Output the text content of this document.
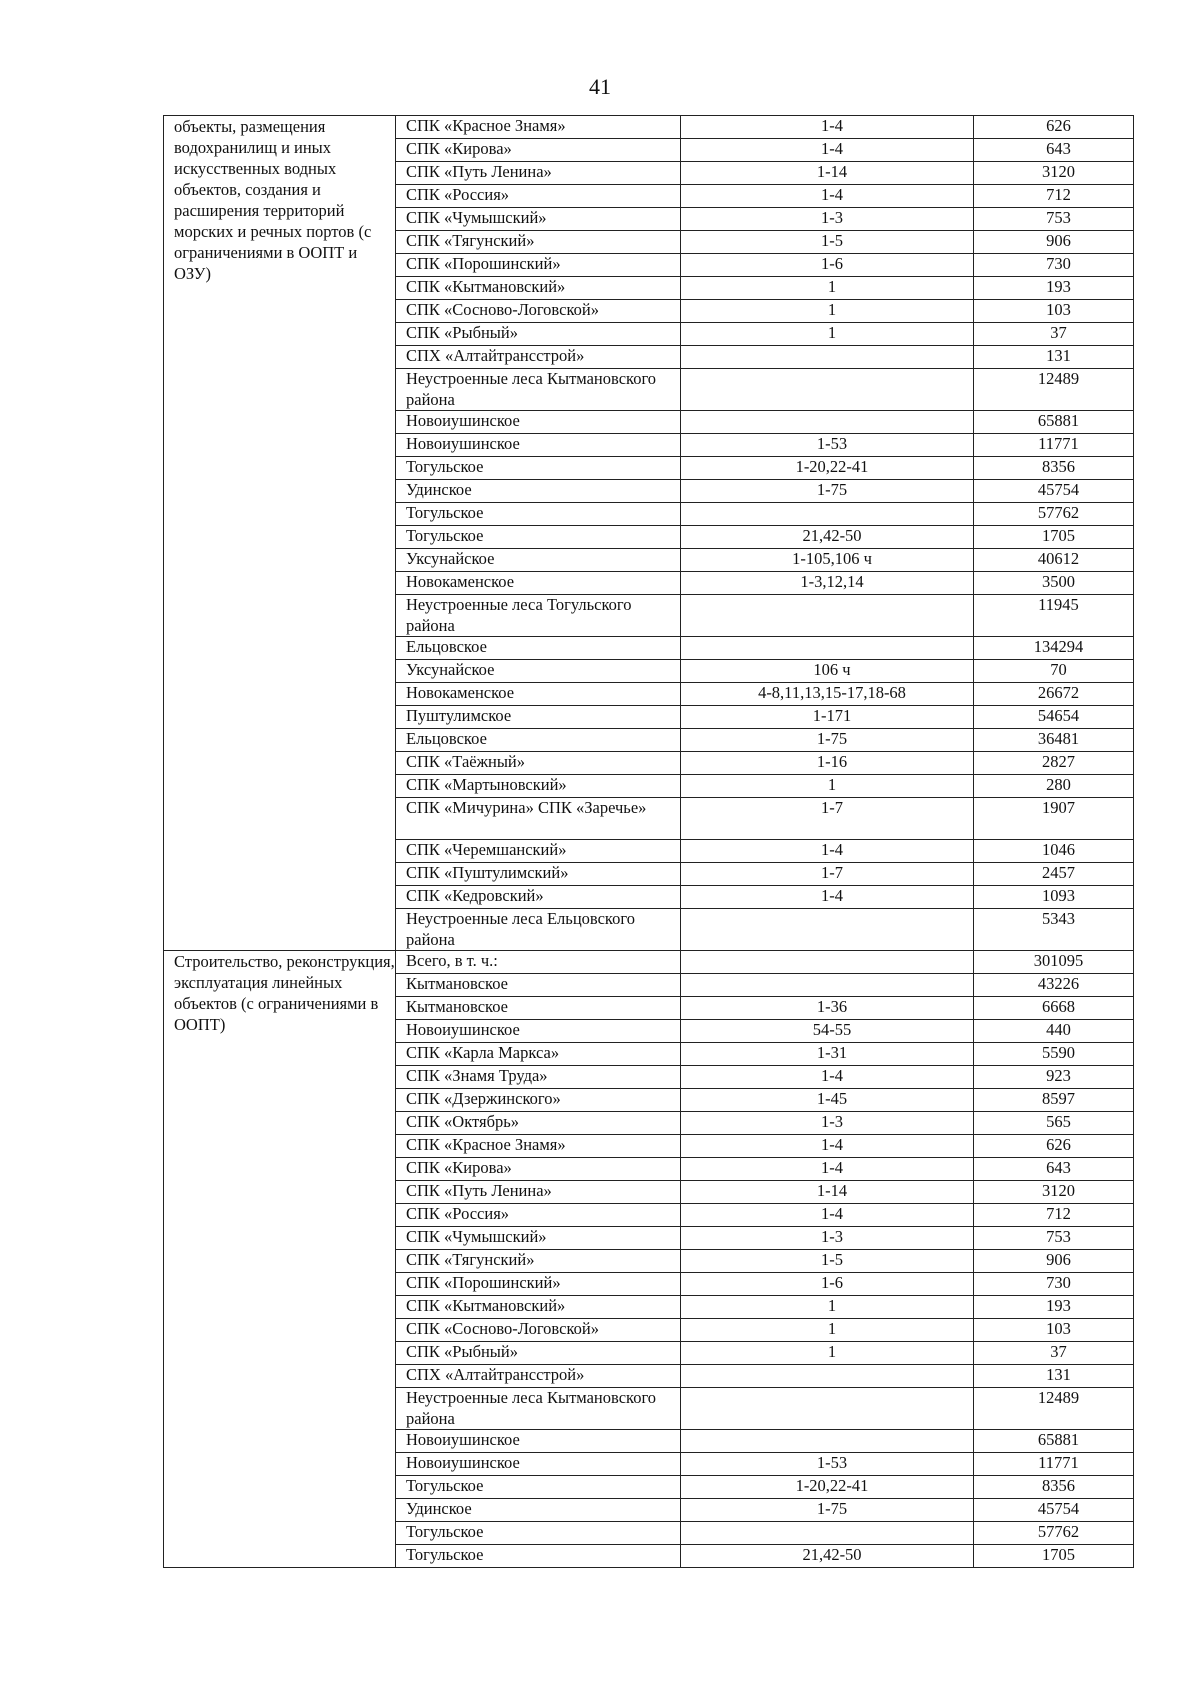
41
объекты, размещения водохранилищ и иных искусственных водных объектов, создания и расширения территорий морских и речных портов (с ограничениями в ООПТ и ОЗУ)	СПК «Красное Знамя»	1-4	626
	СПК «Кирова»	1-4	643
	СПК «Путь Ленина»	1-14	3120
	СПК «Россия»	1-4	712
	СПК «Чумышский»	1-3	753
	СПК «Тягунский»	1-5	906
	СПК «Порошинский»	1-6	730
	СПК «Кытмановский»	1	193
	СПК «Сосново-Логовской»	1	103
	СПК «Рыбный»	1	37
	СПХ «Алтайтрансстрой»		131
	Неустроенные леса Кытмановского района		12489
	Новоиушинское		65881
	Новоиушинское	1-53	11771
	Тогульское	1-20,22-41	8356
	Удинское	1-75	45754
	Тогульское		57762
	Тогульское	21,42-50	1705
	Уксунайское	1-105,106 ч	40612
	Новокаменское	1-3,12,14	3500
	Неустроенные леса Тогульского района		11945
	Ельцовское		134294
	Уксунайское	106 ч	70
	Новокаменское	4-8,11,13,15-17,18-68	26672
	Пуштулимское	1-171	54654
	Ельцовское	1-75	36481
	СПК «Таёжный»	1-16	2827
	СПК «Мартыновский»	1	280
	СПК «Мичурина» СПК «Заречье»	1-7	1907
	СПК «Черемшанский»	1-4	1046
	СПК «Пуштулимский»	1-7	2457
	СПК «Кедровский»	1-4	1093
	Неустроенные леса Ельцовского района		5343
Строительство, реконструкция, эксплуатация линейных объектов (с ограничениями в ООПТ)	Всего, в т. ч.:		301095
	Кытмановское		43226
	Кытмановское	1-36	6668
	Новоиушинское	54-55	440
	СПК «Карла Маркса»	1-31	5590
	СПК «Знамя Труда»	1-4	923
	СПК «Дзержинского»	1-45	8597
	СПК «Октябрь»	1-3	565
	СПК «Красное Знамя»	1-4	626
	СПК «Кирова»	1-4	643
	СПК «Путь Ленина»	1-14	3120
	СПК «Россия»	1-4	712
	СПК «Чумышский»	1-3	753
	СПК «Тягунский»	1-5	906
	СПК «Порошинский»	1-6	730
	СПК «Кытмановский»	1	193
	СПК «Сосново-Логовской»	1	103
	СПК «Рыбный»	1	37
	СПХ «Алтайтрансстрой»		131
	Неустроенные леса Кытмановского района		12489
	Новоиушинское		65881
	Новоиушинское	1-53	11771
	Тогульское	1-20,22-41	8356
	Удинское	1-75	45754
	Тогульское		57762
	Тогульское	21,42-50	1705
